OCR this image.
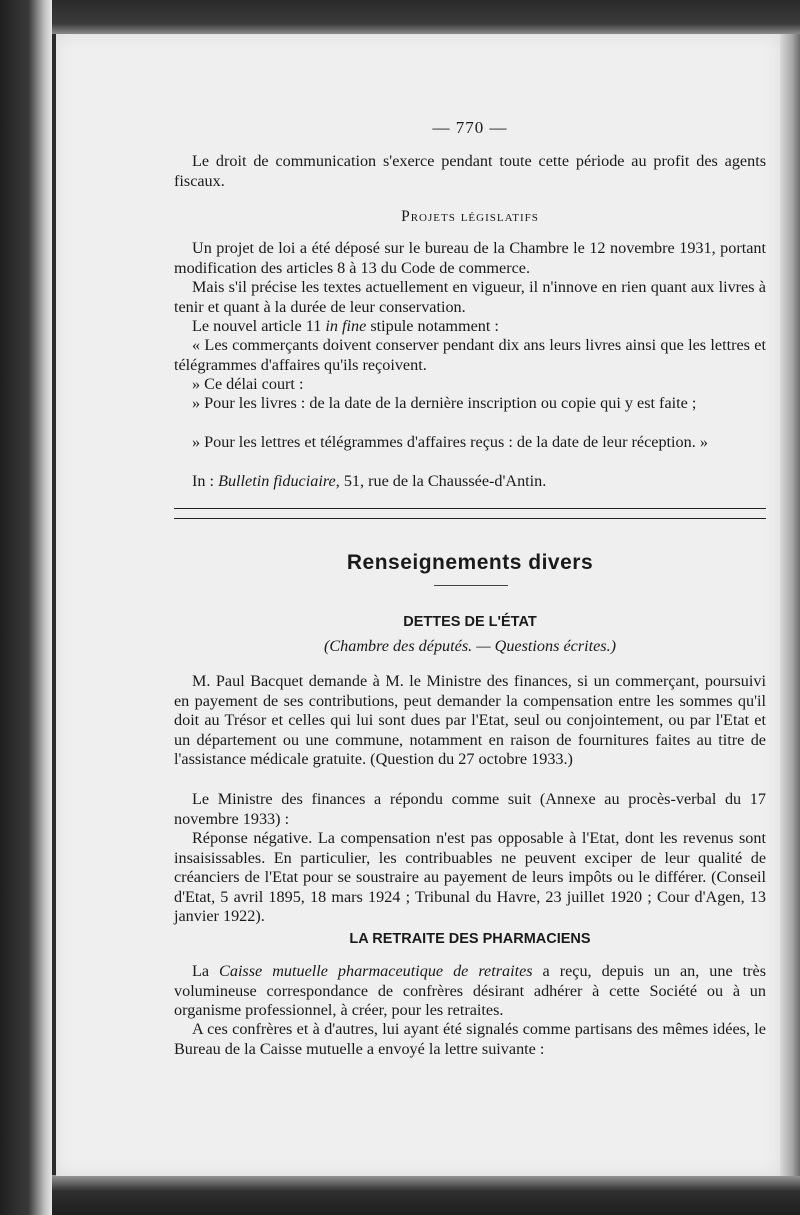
— 770 —

Le droit de communication s'exerce pendant toute cette période au profit des agents fiscaux.

Projets législatifs

Un projet de loi a été déposé sur le bureau de la Chambre le 12 novembre 1931, portant modification des articles 8 à 13 du Code de commerce.

Mais s'il précise les textes actuellement en vigueur, il n'innove en rien quant aux livres à tenir et quant à la durée de leur conservation.

Le nouvel article 11 in fine stipule notamment :

« Les commerçants doivent conserver pendant dix ans leurs livres ainsi que les lettres et télégrammes d'affaires qu'ils reçoivent.

» Ce délai court :

» Pour les livres : de la date de la dernière inscription ou copie qui y est faite ;

» Pour les lettres et télégrammes d'affaires reçus : de la date de leur réception. »

In : Bulletin fiduciaire, 51, rue de la Chaussée-d'Antin.

Renseignements divers
DETTES DE L'ÉTAT
(Chambre des députés. — Questions écrites.)

M. Paul Bacquet demande à M. le Ministre des finances, si un commerçant, poursuivi en payement de ses contributions, peut demander la compensation entre les sommes qu'il doit au Trésor et celles qui lui sont dues par l'Etat, seul ou conjointement, ou par l'Etat et un département ou une commune, notamment en raison de fournitures faites au titre de l'assistance médicale gratuite. (Question du 27 octobre 1933.)

Le Ministre des finances a répondu comme suit (Annexe au procès-verbal du 17 novembre 1933) :

Réponse négative. La compensation n'est pas opposable à l'Etat, dont les revenus sont insaisissables. En particulier, les contribuables ne peuvent exciper de leur qualité de créanciers de l'Etat pour se soustraire au payement de leurs impôts ou le différer. (Conseil d'Etat, 5 avril 1895, 18 mars 1924 ; Tribunal du Havre, 23 juillet 1920 ; Cour d'Agen, 13 janvier 1922).

LA RETRAITE DES PHARMACIENS

La Caisse mutuelle pharmaceutique de retraites a reçu, depuis un an, une très volumineuse correspondance de confrères désirant adhérer à cette Société ou à un organisme professionnel, à créer, pour les retraites.

A ces confrères et à d'autres, lui ayant été signalés comme partisans des mêmes idées, le Bureau de la Caisse mutuelle a envoyé la lettre suivante :
